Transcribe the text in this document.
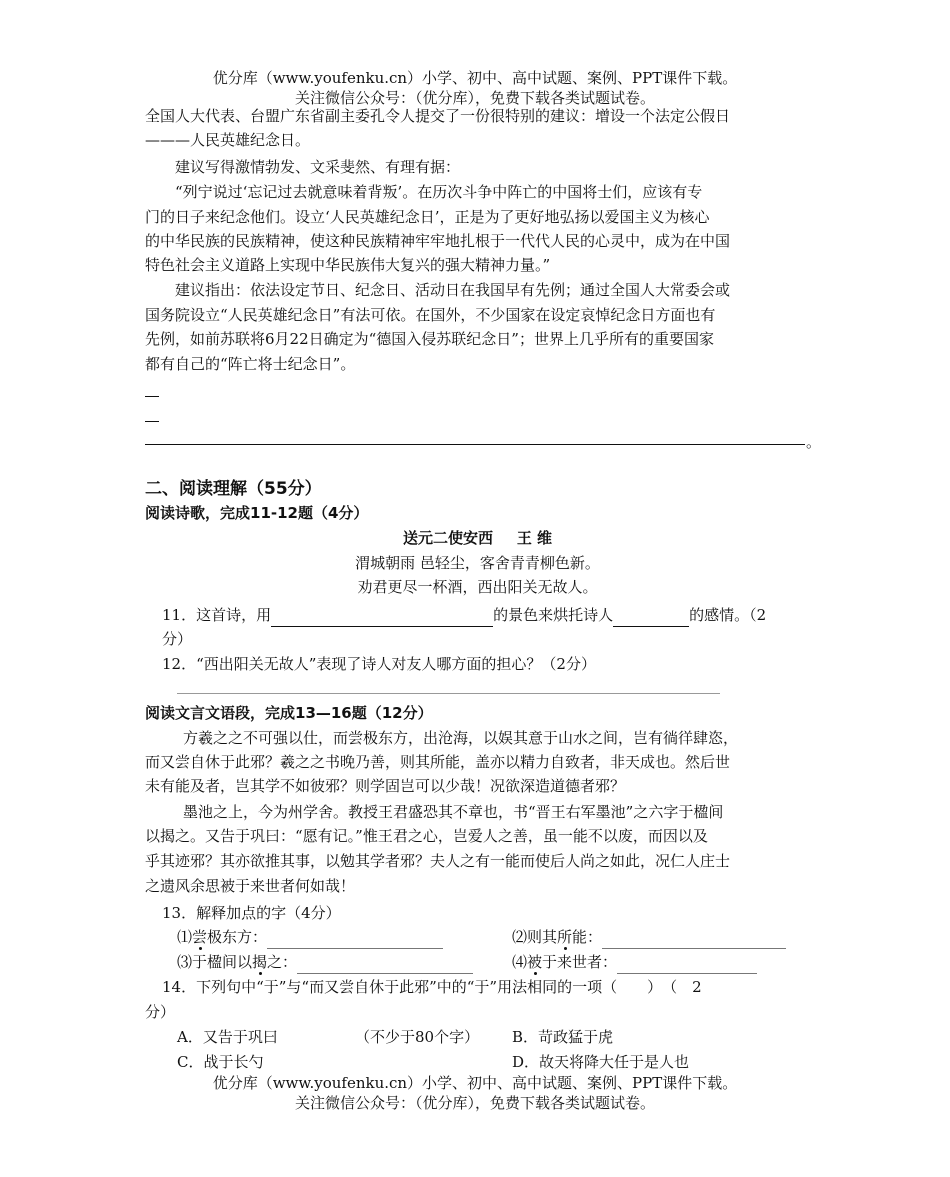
优分库（www.youfenku.cn）小学、初中、高中试题、案例、PPT课件下载。
关注微信公众号：（优分库），免费下载各类试题试卷。
全国人大代表、台盟广东省副主委孔令人提交了一份很特别的建议：增设一个法定公假日
———人民英雄纪念日。
建议写得激情勃发、文采斐然、有理有据：
“列宁说过‘忘记过去就意味着背叛’。在历次斗争中阵亡的中国将士们，应该有专
门的日子来纪念他们。设立‘人民英雄纪念日’，正是为了更好地弘扬以爱国主义为核心
的中华民族的民族精神，使这种民族精神牢牢地扎根于一代代人民的心灵中，成为在中国
特色社会主义道路上实现中华民族伟大复兴的强大精神力量。”
建议指出：依法设定节日、纪念日、活动日在我国早有先例；通过全国人大常委会或
国务院设立“人民英雄纪念日”有法可依。在国外，不少国家在设定哀悼纪念日方面也有
先例，如前苏联将6月22日确定为“德国入侵苏联纪念日”；世界上几乎所有的重要国家
都有自己的“阵亡将士纪念日”。
。
二、阅读理解（55分）
阅读诗歌，完成11-12题（4分）
送元二使安西 王 维
渭城朝雨 邑轻尘，客舍青青柳色新。
劝君更尽一杯酒，西出阳关无故人。
11．这首诗，用	的景色来烘托诗人	的感情。（2
分）
12．“西出阳关无故人”表现了诗人对友人哪方面的担心？（2分）
阅读文言文语段，完成13—16题（12分）
方羲之之不可强以仕，而尝极东方，出沧海，以娱其意于山水之间，岂有徜徉肆恣，
而又尝自休于此邪？羲之之书晚乃善，则其所能，盖亦以精力自致者，非天成也。然后世
未有能及者，岂其学不如彼邪？则学固岂可以少哉！况欲深造道德者邪？
墨池之上，今为州学舍。教授王君盛恐其不章也，书“晋王右军墨池”之六字于楹间
以揭之。又告于巩曰：“愿有记。”惟王君之心，岂爱人之善，虽一能不以废，而因以及
乎其迹邪？其亦欲推其事，以勉其学者邪？夫人之有一能而使后人尚之如此，况仁人庄士
之遗风余思被于来世者何如哉！
13．解释加点的字（4分）
⑴尝极东方：	⑵则其所能：
⑶于楹间以揭之：	⑷被于来世者：
14．下列句中“于”与“而又尝自休于此邪”中的“于”用法相同的一项（　　）　（　2
分）
A．又告于巩曰	（不少于80个字）	B．苛政猛于虎
C．战于长勺	D．故天将降大任于是人也
优分库（www.youfenku.cn）小学、初中、高中试题、案例、PPT课件下载。
关注微信公众号：（优分库），免费下载各类试题试卷。
